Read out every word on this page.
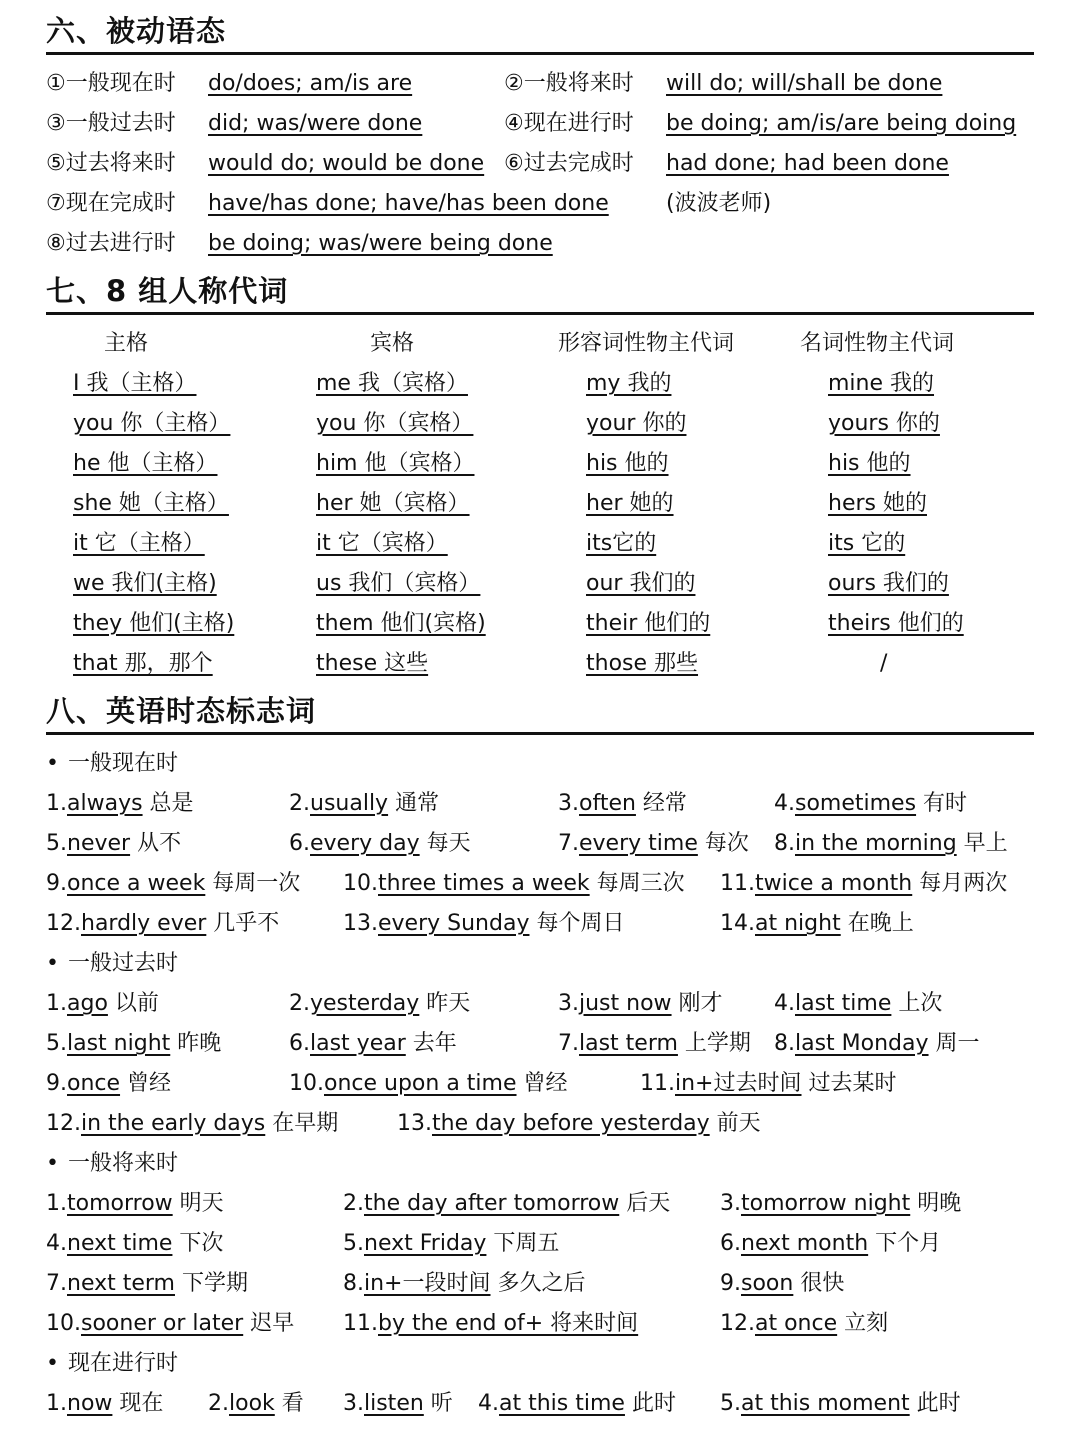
六、被动语态
①一般现在时 do/does; am/is are	②一般将来时 will do; will/shall be done
③一般过去时 did; was/were done	④现在进行时 be doing; am/is/are being doing
⑤过去将来时 would do; would be done ⑥过去完成时 had done; had been done
⑦现在完成时 have/has done; have/has been done	(波波老师)
⑧过去进行时 be doing; was/were being done
七、8 组人称代词
主格	宾格	形容词性物主代词	名词性物主代词
I 我（主格）	me 我（宾格）	my 我的	mine 我的
you 你（主格）	you 你（宾格）	your 你的	yours 你的
he 他（主格）	him 他（宾格）	his 他的	his 他的
she 她（主格）	her 她（宾格）	her 她的	hers 她的
it 它（主格）	it 它（宾格）	its它的	its 它的
we 我们(主格)	us 我们（宾格）	our 我们的	ours 我们的
they 他们(主格)	them 他们(宾格)	their 他们的	theirs 他们的
that 那，那个	these 这些	those 那些	/
八、英语时态标志词
• 一般现在时
1.always 总是	2.usually 通常	3.often 经常	4.sometimes 有时
5.never 从不	6.every day 每天	7.every time 每次 8.in the morning 早上
9.once a week 每周一次 10.three times a week 每周三次 11.twice a month 每月两次
12.hardly ever 几乎不	13.every Sunday 每个周日	14.at night 在晚上
• 一般过去时
1.ago 以前	2.yesterday 昨天	3.just now 刚才 4.last time 上次
5.last night 昨晚	6.last year 去年	7.last term 上学期 8.last Monday 周一
9.once 曾经	10.once upon a time 曾经	11.in+过去时间 过去某时
12.in the early days 在早期	13.the day before yesterday 前天
• 一般将来时
1.tomorrow 明天	2.the day after tomorrow 后天 3.tomorrow night 明晚
4.next time 下次	5.next Friday 下周五	6.next month 下个月
7.next term 下学期	8.in+一段时间 多久之后	9.soon 很快
10.sooner or later 迟早 11.by the end of+ 将来时间	12.at once 立刻
• 现在进行时
1.now 现在 2.look 看 3.listen 听 4.at this time 此时 5.at this moment 此时
